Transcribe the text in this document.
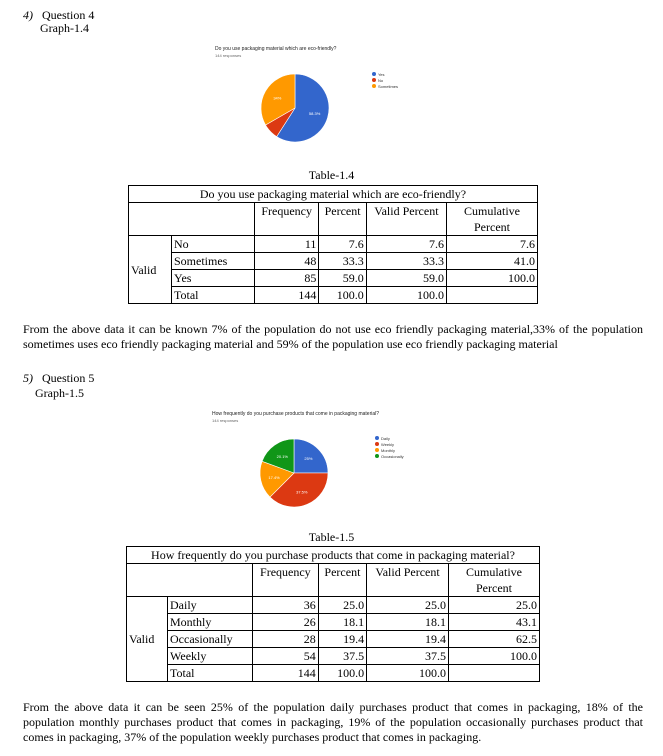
4) Question 4
Graph-1.4
Do you use packaging material which are eco-friendly?
144 responses
58.3%
34%
Yes
No
Sometimes
Table-1.4
Do you use packaging material which are eco-friendly?					
		Frequency	Percent	Valid Percent	Cumulative Percent
Valid	No	11	7.6	7.6	7.6
	Sometimes	48	33.3	33.3	41.0
	Yes	85	59.0	59.0	100.0
	Total	144	100.0	100.0	
From the above data it can be known 7% of the population do not use eco friendly packaging material,33% of the population sometimes uses eco friendly packaging material and 59% of the population use eco friendly packaging material
5) Question 5
Graph-1.5
How frequently do you purchase products that come in packaging material?
144 responses
25%
37.5%
17.4%
20.1%
Daily
Weekly
Monthly
Occasionally
Table-1.5
How frequently do you purchase products that come in packaging material?					
		Frequency	Percent	Valid Percent	Cumulative Percent
Valid	Daily	36	25.0	25.0	25.0
	Monthly	26	18.1	18.1	43.1
	Occasionally	28	19.4	19.4	62.5
	Weekly	54	37.5	37.5	100.0
	Total	144	100.0	100.0	
From the above data it can be seen 25% of the population daily purchases product that comes in packaging, 18% of the population monthly purchases product that comes in packaging, 19% of the population occasionally purchases product that comes in packaging, 37% of the population weekly purchases product that comes in packaging.
